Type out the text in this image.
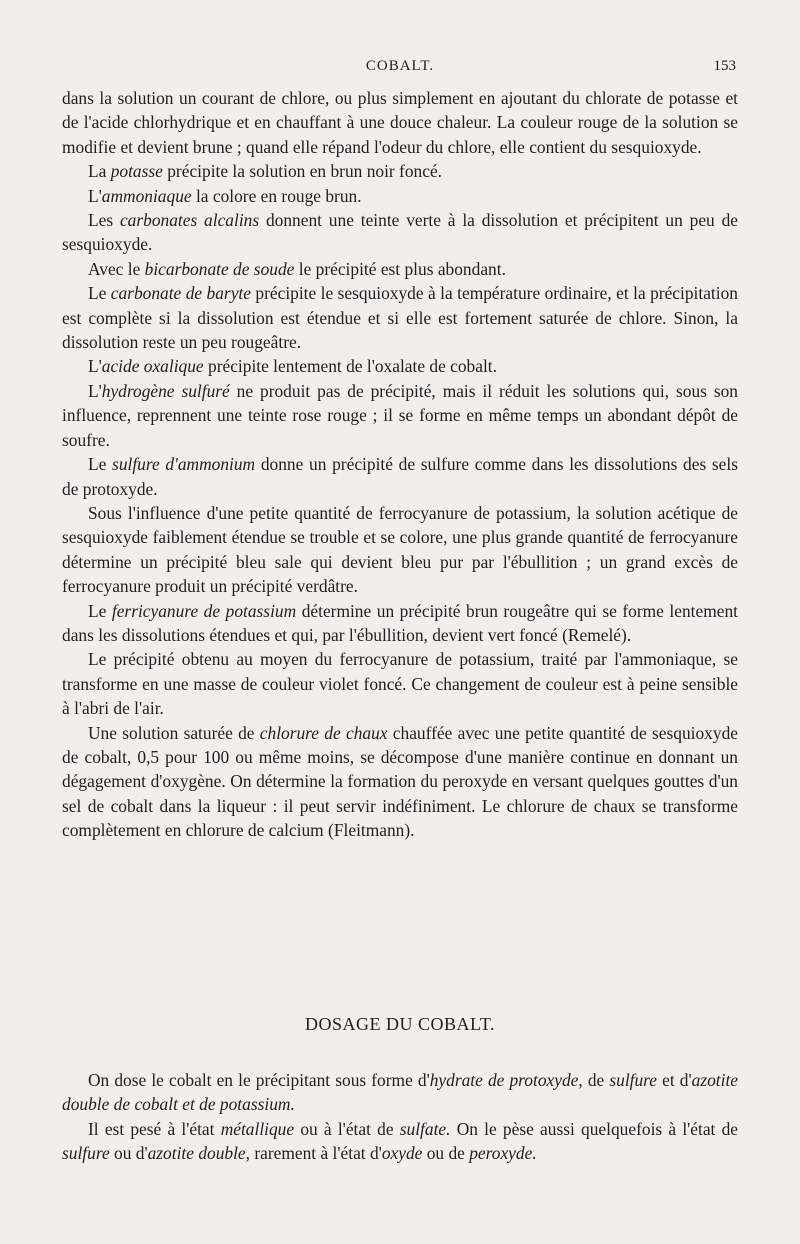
COBALT.	153

dans la solution un courant de chlore, ou plus simplement en ajoutant du chlorate de potasse et de l'acide chlorhydrique et en chauffant à une douce chaleur. La couleur rouge de la solution se modifie et devient brune ; quand elle répand l'odeur du chlore, elle contient du sesquioxyde.

La potasse précipite la solution en brun noir foncé.

L'ammoniaque la colore en rouge brun.

Les carbonates alcalins donnent une teinte verte à la dissolution et précipitent un peu de sesquioxyde.

Avec le bicarbonate de soude le précipité est plus abondant.

Le carbonate de baryte précipite le sesquioxyde à la température ordinaire, et la précipitation est complète si la dissolution est étendue et si elle est fortement saturée de chlore. Sinon, la dissolution reste un peu rougeâtre.

L'acide oxalique précipite lentement de l'oxalate de cobalt.

L'hydrogène sulfuré ne produit pas de précipité, mais il réduit les solutions qui, sous son influence, reprennent une teinte rose rouge ; il se forme en même temps un abondant dépôt de soufre.

Le sulfure d'ammonium donne un précipité de sulfure comme dans les dissolutions des sels de protoxyde.

Sous l'influence d'une petite quantité de ferrocyanure de potassium, la solution acétique de sesquioxyde faiblement étendue se trouble et se colore, une plus grande quantité de ferrocyanure détermine un précipité bleu sale qui devient bleu pur par l'ébullition ; un grand excès de ferrocyanure produit un précipité verdâtre.

Le ferricyanure de potassium détermine un précipité brun rougeâtre qui se forme lentement dans les dissolutions étendues et qui, par l'ébullition, devient vert foncé (Remelé).

Le précipité obtenu au moyen du ferrocyanure de potassium, traité par l'ammoniaque, se transforme en une masse de couleur violet foncé. Ce changement de couleur est à peine sensible à l'abri de l'air.

Une solution saturée de chlorure de chaux chauffée avec une petite quantité de sesquioxyde de cobalt, 0,5 pour 100 ou même moins, se décompose d'une manière continue en donnant un dégagement d'oxygène. On détermine la formation du peroxyde en versant quelques gouttes d'un sel de cobalt dans la liqueur : il peut servir indéfiniment. Le chlorure de chaux se transforme complètement en chlorure de calcium (Fleitmann).

DOSAGE DU COBALT.

On dose le cobalt en le précipitant sous forme d'hydrate de protoxyde, de sulfure et d'azotite double de cobalt et de potassium.

Il est pesé à l'état métallique ou à l'état de sulfate. On le pèse aussi quelquefois à l'état de sulfure ou d'azotite double, rarement à l'état d'oxyde ou de peroxyde.
